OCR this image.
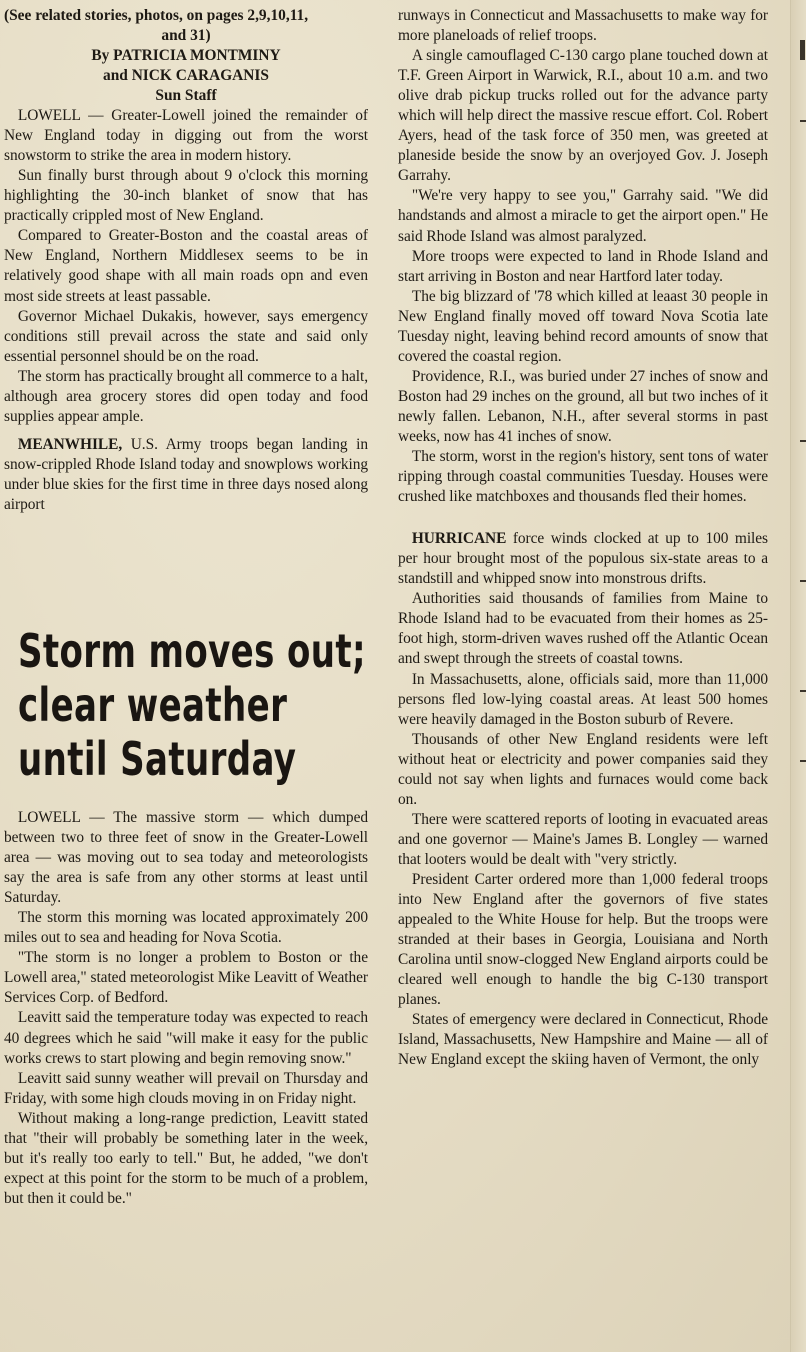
(See related stories, photos, on pages 2,9,10,11,

and 31)

By PATRICIA MONTMINY

and NICK CARAGANIS

Sun Staff

LOWELL — Greater-Lowell joined the remainder of New England today in digging out from the worst snowstorm to strike the area in modern history.

Sun finally burst through about 9 o'clock this morning highlighting the 30-inch blanket of snow that has practically crippled most of New England.

Compared to Greater-Boston and the coastal areas of New England, Northern Middlesex seems to be in relatively good shape with all main roads opn and even most side streets at least passable.

Governor Michael Dukakis, however, says emergency conditions still prevail across the state and said only essential personnel should be on the road.

The storm has practically brought all commerce to a halt, although area grocery stores did open today and food supplies appear ample.

MEANWHILE, U.S. Army troops began landing in snow-crippled Rhode Island today and snowplows working under blue skies for the first time in three days nosed along airport

Storm moves out;
clear weather
until Saturday

LOWELL — The massive storm — which dumped between two to three feet of snow in the Greater-Lowell area — was moving out to sea today and meteorologists say the area is safe from any other storms at least until Saturday.

The storm this morning was located approximately 200 miles out to sea and heading for Nova Scotia.

"The storm is no longer a problem to Boston or the Lowell area," stated meteorologist Mike Leavitt of Weather Services Corp. of Bedford.

Leavitt said the temperature today was expected to reach 40 degrees which he said "will make it easy for the public works crews to start plowing and begin removing snow."

Leavitt said sunny weather will prevail on Thursday and Friday, with some high clouds moving in on Friday night.

Without making a long-range prediction, Leavitt stated that "their will probably be something later in the week, but it's really too early to tell." But, he added, "we don't expect at this point for the storm to be much of a problem, but then it could be."

runways in Connecticut and Massachusetts to make way for more planeloads of relief troops.

A single camouflaged C-130 cargo plane touched down at T.F. Green Airport in Warwick, R.I., about 10 a.m. and two olive drab pickup trucks rolled out for the advance party which will help direct the massive rescue effort. Col. Robert Ayers, head of the task force of 350 men, was greeted at planeside beside the snow by an overjoyed Gov. J. Joseph Garrahy.

"We're very happy to see you," Garrahy said. "We did handstands and almost a miracle to get the airport open." He said Rhode Island was almost paralyzed.

More troops were expected to land in Rhode Island and start arriving in Boston and near Hartford later today.

The big blizzard of '78 which killed at leaast 30 people in New England finally moved off toward Nova Scotia late Tuesday night, leaving behind record amounts of snow that covered the coastal region.

Providence, R.I., was buried under 27 inches of snow and Boston had 29 inches on the ground, all but two inches of it newly fallen. Lebanon, N.H., after several storms in past weeks, now has 41 inches of snow.

The storm, worst in the region's history, sent tons of water ripping through coastal communities Tuesday. Houses were crushed like matchboxes and thousands fled their homes.

HURRICANE force winds clocked at up to 100 miles per hour brought most of the populous six-state areas to a standstill and whipped snow into monstrous drifts.

Authorities said thousands of families from Maine to Rhode Island had to be evacuated from their homes as 25-foot high, storm-driven waves rushed off the Atlantic Ocean and swept through the streets of coastal towns.

In Massachusetts, alone, officials said, more than 11,000 persons fled low-lying coastal areas. At least 500 homes were heavily damaged in the Boston suburb of Revere.

Thousands of other New England residents were left without heat or electricity and power companies said they could not say when lights and furnaces would come back on.

There were scattered reports of looting in evacuated areas and one governor — Maine's James B. Longley — warned that looters would be dealt with "very strictly.

President Carter ordered more than 1,000 federal troops into New England after the governors of five states appealed to the White House for help. But the troops were stranded at their bases in Georgia, Louisiana and North Carolina until snow-clogged New England airports could be cleared well enough to handle the big C-130 transport planes.

States of emergency were declared in Connecticut, Rhode Island, Massachusetts, New Hampshire and Maine — all of New England except the skiing haven of Vermont, the only
